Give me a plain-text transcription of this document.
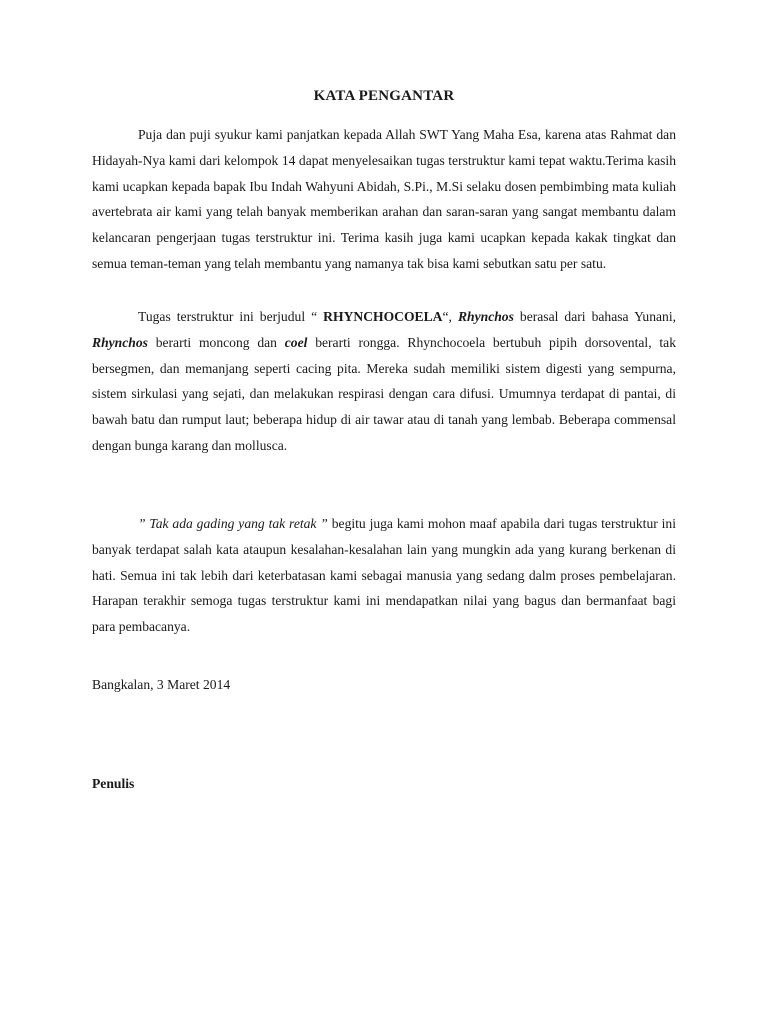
KATA PENGANTAR

Puja dan puji syukur kami panjatkan kepada Allah SWT Yang Maha Esa, karena atas Rahmat dan Hidayah-Nya kami dari kelompok 14 dapat menyelesaikan tugas terstruktur kami tepat waktu.Terima kasih kami ucapkan kepada bapak Ibu Indah Wahyuni Abidah, S.Pi., M.Si selaku dosen pembimbing mata kuliah avertebrata air kami yang telah banyak memberikan arahan dan saran-saran yang sangat membantu dalam kelancaran pengerjaan tugas terstruktur ini. Terima kasih juga kami ucapkan kepada kakak tingkat dan semua teman-teman yang telah membantu yang namanya tak bisa kami sebutkan satu per satu.

Tugas terstruktur ini berjudul “ RHYNCHOCOELA“, Rhynchos berasal dari bahasa Yunani, Rhynchos berarti moncong dan coel berarti rongga. Rhynchocoela bertubuh pipih dorsovental, tak bersegmen, dan memanjang seperti cacing pita. Mereka sudah memiliki sistem digesti yang sempurna, sistem sirkulasi yang sejati, dan melakukan respirasi dengan cara difusi. Umumnya terdapat di pantai, di bawah batu dan rumput laut; beberapa hidup di air tawar atau di tanah yang lembab. Beberapa commensal dengan bunga karang dan mollusca.

” Tak ada gading yang tak retak ” begitu juga kami mohon maaf apabila dari tugas terstruktur ini banyak terdapat salah kata ataupun kesalahan-kesalahan lain yang mungkin ada yang kurang berkenan di hati. Semua ini tak lebih dari keterbatasan kami sebagai manusia yang sedang dalm proses pembelajaran. Harapan terakhir semoga tugas terstruktur kami ini mendapatkan nilai yang bagus dan bermanfaat bagi para pembacanya.

Bangkalan, 3 Maret 2014
Penulis
